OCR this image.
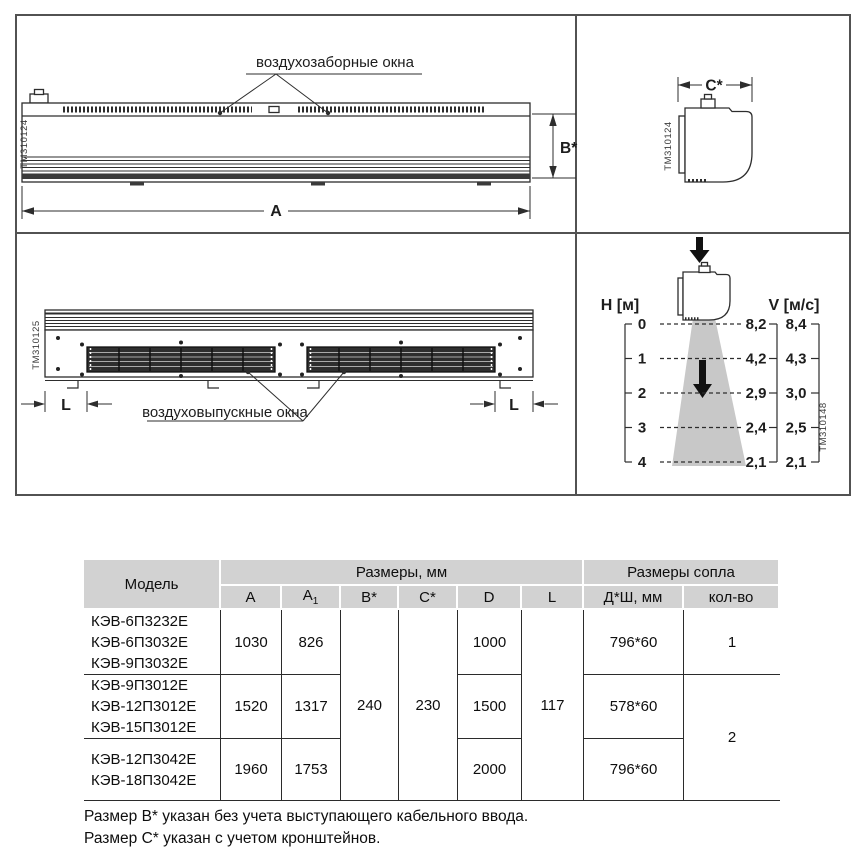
воздухозаборные окна
A
B*
TM310124
C*
TM310124
L	L
воздуховыпускные окна
TM310125
H [м]	V [м/с]
0
1
2
3
4
8,2
4,2
2,9
2,4
2,1
8,4
4,3
3,0
2,5
2,1
TM310148
Модель	Размеры, мм						Размеры сопла	
	A	$A_1$	B*	C*	D	L	Д*Ш, мм	кол-во

КЭВ-6П3232Е
КЭВ-6П3032Е
КЭВ-9П3032Е	1030	826	240	230	1000	117	796*60	1

КЭВ-9П3012Е
КЭВ-12П3012Е
КЭВ-15П3012Е	1520	1317			1500		578*60	2

КЭВ-12П3042Е
КЭВ-18П3042Е	1960	1753			2000		796*60	
Размер B* указан без учета выступающего кабельного ввода.
Размер C* указан с учетом кронштейнов.
